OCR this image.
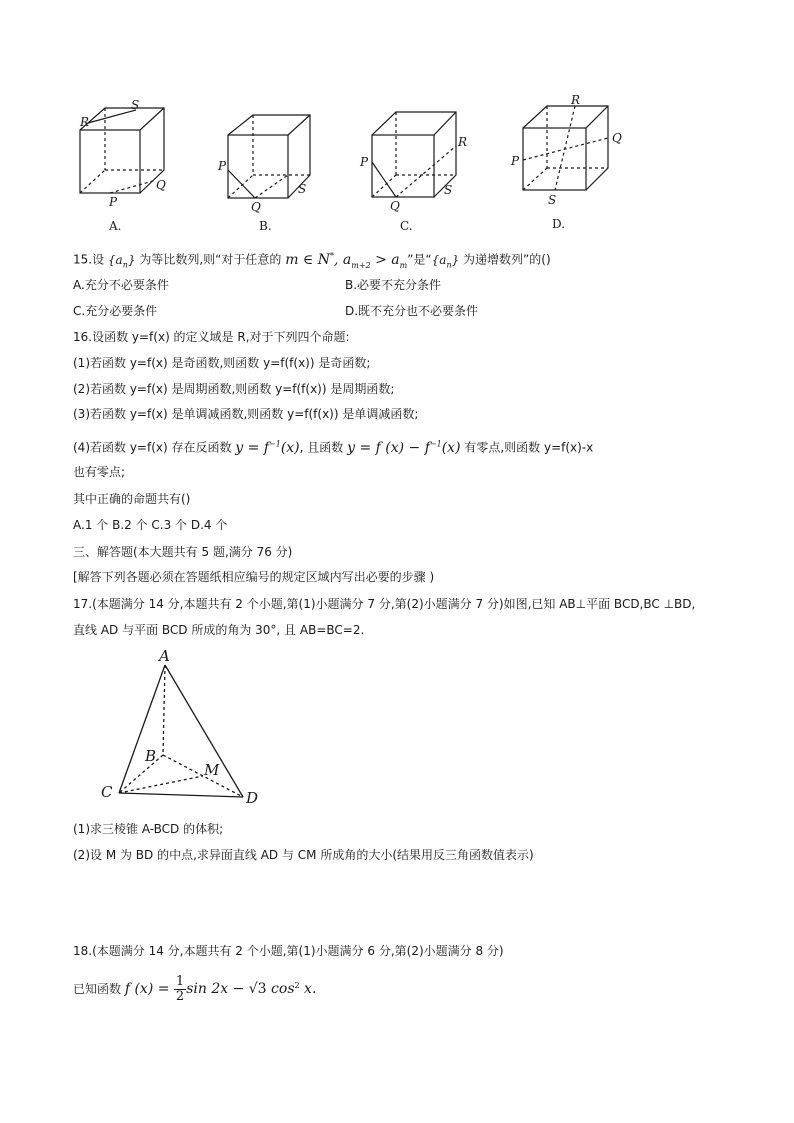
R
S
P
Q
P
S
Q
P
R
Q
S
R
Q
P
S
A.	B.	C.	D.
15.设 $\{a_n\}$ 为等比数列,则“对于任意的 m ∈ N*, $a_{m+2} > a_m$”是“$\{a_n\}$ 为递增数列”的()
A.充分不必要条件	B.必要不充分条件
C.充分必要条件	D.既不充分也不必要条件
16.设函数 y=f(x) 的定义域是 R,对于下列四个命题:
(1)若函数 y=f(x) 是奇函数,则函数 y=f(f(x)) 是奇函数;
(2)若函数 y=f(x) 是周期函数,则函数 y=f(f(x)) 是周期函数;
(3)若函数 y=f(x) 是单调减函数,则函数 y=f(f(x)) 是单调减函数;
(4)若函数 y=f(x) 存在反函数 $y = f^{-1}(x)$, 且函数 y = f $(x) - f^{-1}(x)$ 有零点,则函数 y=f(x)-x
也有零点;
其中正确的命题共有()
A.1 个 B.2 个 C.3 个 D.4 个
三、解答题(本大题共有 5 题,满分 76 分)
[解答下列各题必须在答题纸相应编号的规定区域内写出必要的步骤 )
17.(本题满分 14 分,本题共有 2 个小题,第(1)小题满分 7 分,第(2)小题满分 7 分)如图,已知 AB⊥平面 BCD,BC ⊥BD,
直线 AD 与平面 BCD 所成的角为 30°, 且 AB=BC=2.
A
B
M
C	D
(1)求三棱锥 A-BCD 的体积;
(2)设 M 为 BD 的中点,求异面直线 AD 与 CM 所成角的大小(结果用反三角函数值表示)
18.(本题满分 14 分,本题共有 2 个小题,第(1)小题满分 6 分,第(2)小题满分 8 分)
已知函数 f $(x) = \frac{1}{2}$ sin 2x − √3 $\cos^2 x$.
